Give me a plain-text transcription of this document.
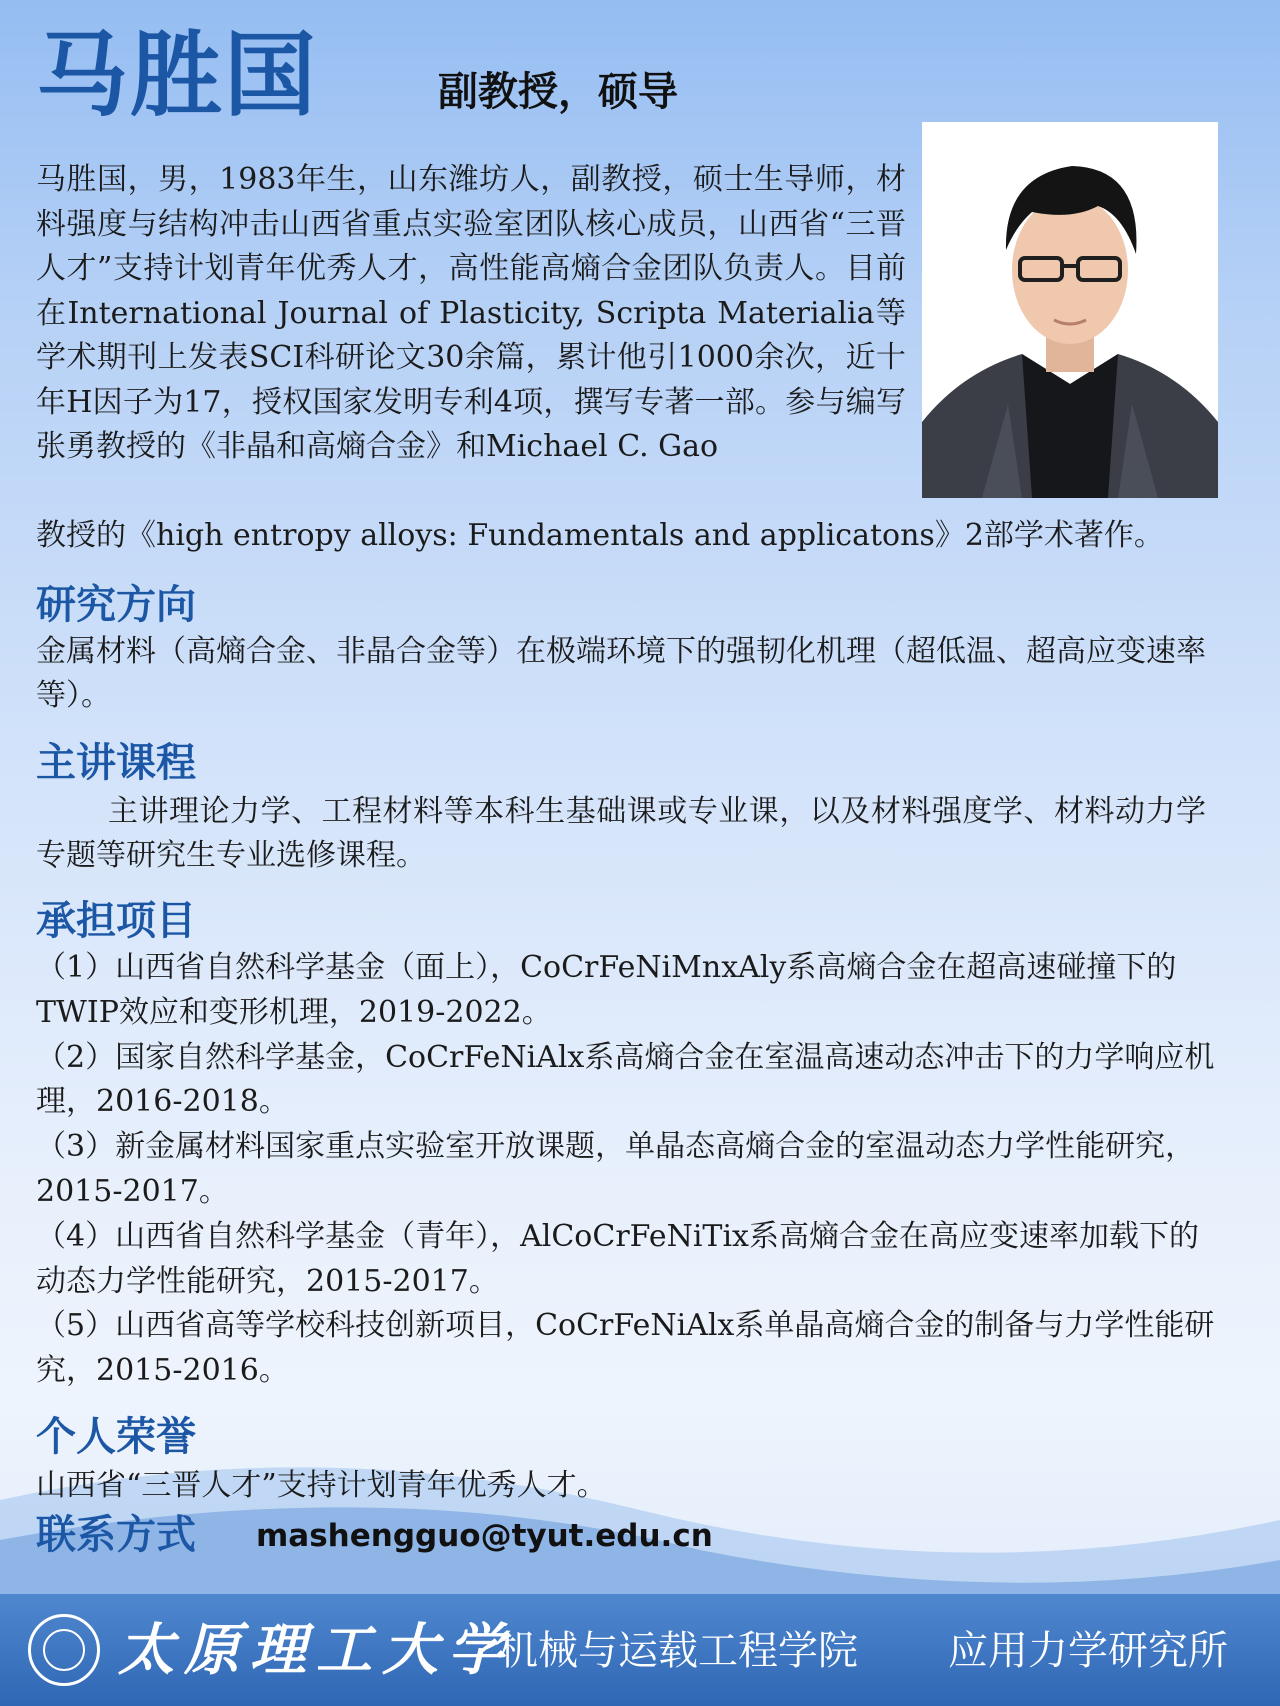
马胜国	副教授，硕导

马胜国，男，1983年生，山东潍坊人，副教授，硕士生导师，材料强度与结构冲击山西省重点实验室团队核心成员，山西省“三晋人才”支持计划青年优秀人才，高性能高熵合金团队负责人。目前在International Journal of Plasticity, Scripta Materialia等学术期刊上发表SCI科研论文30余篇，累计他引1000余次，近十年H因子为17，授权国家发明专利4项，撰写专著一部。参与编写张勇教授的《非晶和高熵合金》和Michael C. Gao

教授的《high entropy alloys: Fundamentals and applicatons》2部学术著作。

研究方向

金属材料（高熵合金、非晶合金等）在极端环境下的强韧化机理（超低温、超高应变速率等）。

主讲课程

主讲理论力学、工程材料等本科生基础课或专业课，以及材料强度学、材料动力学专题等研究生专业选修课程。

承担项目

（1）山西省自然科学基金（面上），CoCrFeNiMnxAly系高熵合金在超高速碰撞下的TWIP效应和变形机理，2019-2022。

（2）国家自然科学基金，CoCrFeNiAlx系高熵合金在室温高速动态冲击下的力学响应机理，2016-2018。

（3）新金属材料国家重点实验室开放课题，单晶态高熵合金的室温动态力学性能研究，2015-2017。

（4）山西省自然科学基金（青年），AlCoCrFeNiTix系高熵合金在高应变速率加载下的动态力学性能研究，2015-2017。

（5）山西省高等学校科技创新项目，CoCrFeNiAlx系单晶高熵合金的制备与力学性能研究，2015-2016。

个人荣誉

山西省“三晋人才”支持计划青年优秀人才。

联系方式 mashengguo@tyut.edu.cn
太原理工大学
机械与运载工程学院 应用力学研究所
